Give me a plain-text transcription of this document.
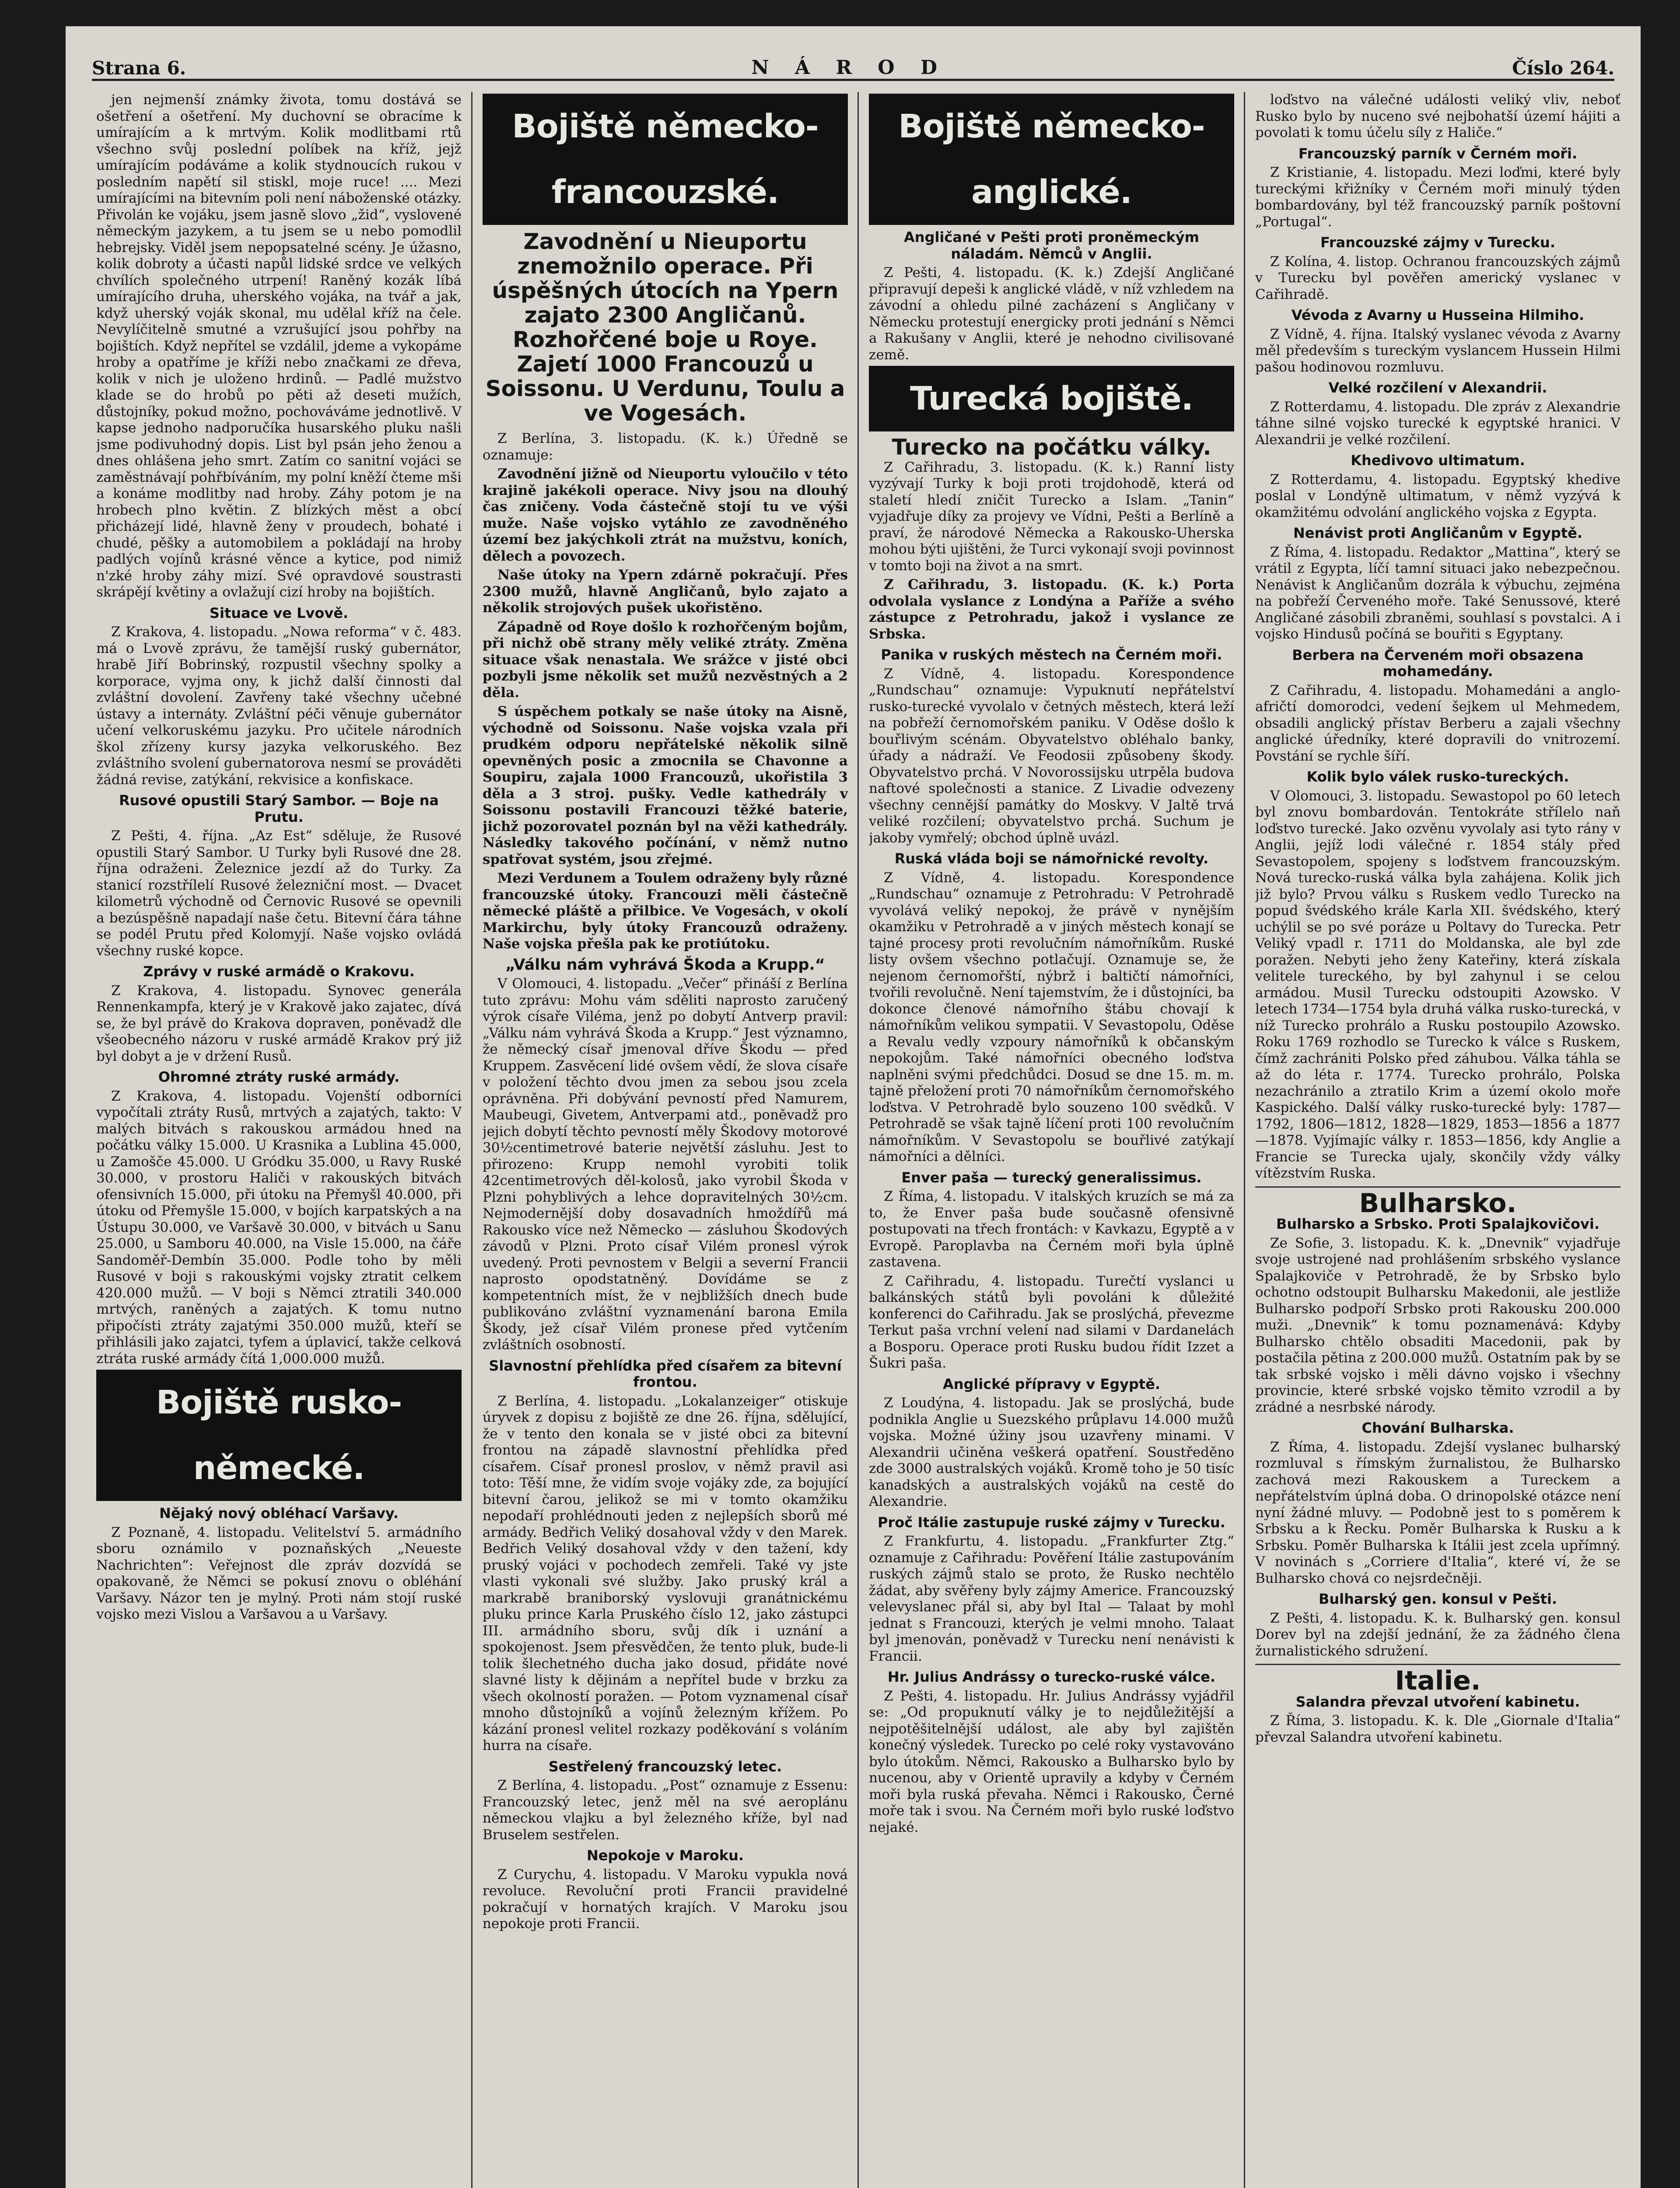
Strana 6.	N Á R O D	Číslo 264.

jen nejmenší známky života, tomu dostává se ošetření a ošetření. My duchovní se obracíme k umírajícím a k mrtvým. Kolik modlitbami rtů všechno svůj poslední políbek na kříž, jejž umírajícím podáváme a kolik stydnoucích rukou v posledním napětí sil stiskl, moje ruce! .... Mezi umírajícími na bitevním poli není náboženské otázky. Přivolán ke vojáku, jsem jasně slovo „žid“, vyslovené německým jazykem, a tu jsem se u nebo pomodlil hebrejsky. Viděl jsem nepopsatelné scény. Je úžasno, kolik dobroty a účasti napůl lidské srdce ve velkých chvílích společného utrpení! Raněný kozák líbá umírajícího druha, uherského vojáka, na tvář a jak, když uherský voják skonal, mu udělal kříž na čele. Nevylíčitelně smutné a vzrušující jsou pohřby na bojištích. Když nepřítel se vzdálil, jdeme a vykopáme hroby a opatříme je kříži nebo značkami ze dřeva, kolik v nich je uloženo hrdinů. — Padlé mužstvo klade se do hrobů po pěti až deseti mužích, důstojníky, pokud možno, pochováváme jednotlivě. V kapse jednoho nadporučíka husarského pluku našli jsme podivuhodný dopis. List byl psán jeho ženou a dnes ohlášena jeho smrt. Zatím co sanitní vojáci se zaměstnávají pohřbíváním, my polní kněží čteme mši a konáme modlitby nad hroby. Záhy potom je na hrobech plno květin. Z blízkých měst a obcí přicházejí lidé, hlavně ženy v proudech, bohaté i chudé, pěšky a automobilem a pokládají na hroby padlých vojínů krásné věnce a kytice, pod nimiž n'zké hroby záhy mizí. Své opravdové soustrasti skrápějí květiny a ovlažují cizí hroby na bojištích.

Situace ve Lvově.

Z Krakova, 4. listopadu. „Nowa reforma“ v č. 483. má o Lvově zprávu, že tamější ruský gubernátor, hrabě Jiří Bobrinský, rozpustil všechny spolky a korporace, vyjma ony, k jichž další činnosti dal zvláštní dovolení. Zavřeny také všechny učebné ústavy a internáty. Zvláštní péči věnuje gubernátor učení velkoruskému jazyku. Pro učitele národních škol zřízeny kursy jazyka velkoruského. Bez zvláštního svolení gubernatorova nesmí se prováděti žádná revise, zatýkání, rekvisice a konfiskace.

Rusové opustili Starý Sambor. — Boje na Prutu.

Z Pešti, 4. října. „Az Est“ sděluje, že Rusové opustili Starý Sambor. U Turky byli Rusové dne 28. října odraženi. Železnice jezdí až do Turky. Za stanicí rozstřílelí Rusové železniční most. — Dvacet kilometrů východně od Černovic Rusové se opevnili a bezúspěšně napadají naše četu. Bitevní čára táhne se podél Prutu před Kolomyjí. Naše vojsko ovládá všechny ruské kopce.

Zprávy v ruské armádě o Krakovu.

Z Krakova, 4. listopadu. Synovec generála Rennenkampfa, který je v Krakově jako zajatec, dívá se, že byl právě do Krakova dopraven, poněvadž dle všeobecného názoru v ruské armádě Krakov prý již byl dobyt a je v držení Rusů.

Ohromné ztráty ruské armády.

Z Krakova, 4. listopadu. Vojenští odborníci vypočítali ztráty Rusů, mrtvých a zajatých, takto: V malých bitvách s rakouskou armádou hned na počátku války 15.000. U Krasnika a Lublina 45.000, u Zamošče 45.000. U Gródku 35.000, u Ravy Ruské 30.000, v prostoru Haliči v rakouských bitvách ofensivních 15.000, při útoku na Přemyšl 40.000, při útoku od Přemyšle 15.000, v bojích karpatských a na Ústupu 30.000, ve Varšavě 30.000, v bitvách u Sanu 25.000, u Samboru 40.000, na Visle 15.000, na čáře Sandoměř-Dembín 35.000. Podle toho by měli Rusové v boji s rakouskými vojsky ztratit celkem 420.000 mužů. — V boji s Němci ztratili 340.000 mrtvých, raněných a zajatých. K tomu nutno připočísti ztráty zajatými 350.000 mužů, kteří se přihlásili jako zajatci, tyfem a úplavicí, takže celková ztráta ruské armády čítá 1,000.000 mužů.

Bojiště rusko-německé.
Nějaký nový obléhací Varšavy.

Z Poznaně, 4. listopadu. Velitelství 5. armádního sboru oznámilo v poznaňských „Neueste Nachrichten“: Veřejnost dle zpráv dozvídá se opakovaně, že Němci se pokusí znovu o obléhání Varšavy. Názor ten je mylný. Proti nám stojí ruské vojsko mezi Vislou a Varšavou a u Varšavy.

Bojiště německo-francouzské.
Zavodnění u Nieuportu znemožnilo operace. Při úspěšných útocích na Ypern zajato 2300 Angličanů. Rozhořčené boje u Roye. Zajetí 1000 Francouzů u Soissonu. U Verdunu, Toulu a ve Vogesách.

Z Berlína, 3. listopadu. (K. k.) Úředně se oznamuje:

Zavodnění jižně od Nieuportu vyloučilo v této krajině jakékoli operace. Nivy jsou na dlouhý čas zničeny. Voda částečně stojí tu ve výši muže. Naše vojsko vytáhlo ze zavodněného území bez jakýchkoli ztrát na mužstvu, koních, dělech a povozech.

Naše útoky na Ypern zdárně pokračují. Přes 2300 mužů, hlavně Angličanů, bylo zajato a několik strojových pušek ukořistěno.

Západně od Roye došlo k rozhořčeným bojům, při nichž obě strany měly veliké ztráty. Změna situace však nenastala. We srážce v jisté obci pozbyli jsme několik set mužů nezvěstných a 2 děla.

S úspěchem potkaly se naše útoky na Aisně, východně od Soissonu. Naše vojska vzala při prudkém odporu nepřátelské několik silně opevněných posic a zmocnila se Chavonne a Soupiru, zajala 1000 Francouzů, ukořistila 3 děla a 3 stroj. pušky. Vedle kathedrály v Soissonu postavili Francouzi těžké baterie, jichž pozorovatel poznán byl na věži kathedrály. Následky takového počínání, v němž nutno spatřovat systém, jsou zřejmé.

Mezi Verdunem a Toulem odraženy byly různé francouzské útoky. Francouzi měli částečně německé pláště a přilbice. Ve Vogesách, v okolí Markirchu, byly útoky Francouzů odraženy. Naše vojska přešla pak ke protiútoku.

„Válku nám vyhrává Škoda a Krupp.“

V Olomouci, 4. listopadu. „Večer“ přináší z Berlína tuto zprávu: Mohu vám sděliti naprosto zaručený výrok císaře Viléma, jenž po dobytí Antverp pravil: „Válku nám vyhrává Škoda a Krupp.“ Jest významno, že německý císař jmenoval dříve Škodu — před Kruppem. Zasvěcení lidé ovšem vědí, že slova císaře v položení těchto dvou jmen za sebou jsou zcela oprávněna. Při dobývání pevností před Namurem, Maubeugi, Givetem, Antverpami atd., poněvadž pro jejich dobytí těchto pevností měly Škodovy motorové 30½centimetrové baterie největší zásluhu. Jest to přirozeno: Krupp nemohl vyrobiti tolik 42centimetrových děl-kolosů, jako vyrobil Škoda v Plzni pohyblivých a lehce dopravitelných 30½cm. Nejmodernější doby dosavadních hmoždířů má Rakousko více než Německo — zásluhou Škodových závodů v Plzni. Proto císař Vilém pronesl výrok uvedený. Proti pevnostem v Belgii a severní Francii naprosto opodstatněný. Dovídáme se z kompetentních míst, že v nejbližších dnech bude publikováno zvláštní vyznamenání barona Emila Škody, jež císař Vilém pronese před vytčením zvláštních osobností.

Slavnostní přehlídka před císařem za bitevní frontou.

Z Berlína, 4. listopadu. „Lokalanzeiger“ otiskuje úryvek z dopisu z bojiště ze dne 26. října, sdělující, že v tento den konala se v jisté obci za bitevní frontou na západě slavnostní přehlídka před císařem. Císař pronesl proslov, v němž pravil asi toto: Těší mne, že vidím svoje vojáky zde, za bojující bitevní čarou, jelikož se mi v tomto okamžiku nepodaří prohlédnouti jeden z nejlepších sborů mé armády. Bedřich Veliký dosahoval vždy v den Marek. Bedřich Veliký dosahoval vždy v den tažení, kdy pruský vojáci v pochodech zemřeli. Také vy jste vlasti vykonali své služby. Jako pruský král a markrabě braniborský vyslovuji granátnickému pluku prince Karla Pruského číslo 12, jako zástupci III. armádního sboru, svůj dík i uznání a spokojenost. Jsem přesvědčen, že tento pluk, bude-li tolik šlechetného ducha jako dosud, přidáte nové slavné listy k dějinám a nepřítel bude v brzku za všech okolností poražen. — Potom vyznamenal císař mnoho důstojníků a vojínů železným křížem. Po kázání pronesl velitel rozkazy poděkování s voláním hurra na císaře.

Sestřelený francouzský letec.

Z Berlína, 4. listopadu. „Post“ oznamuje z Essenu: Francouzský letec, jenž měl na své aeroplánu německou vlajku a byl železného kříže, byl nad Bruselem sestřelen.

Nepokoje v Maroku.

Z Curychu, 4. listopadu. V Maroku vypukla nová revoluce. Revoluční proti Francii pravidelné pokračují v hornatých krajích. V Maroku jsou nepokoje proti Francii.

Bojiště německo-anglické.
Angličané v Pešti proti proněmeckým náladám. Němců v Anglii.

Z Pešti, 4. listopadu. (K. k.) Zdejší Angličané připravují depeši k anglické vládě, v níž vzhledem na závodní a ohledu pilné zacházení s Angličany v Německu protestují energicky proti jednání s Němci a Rakušany v Anglii, které je nehodno civilisované země.

Turecká bojiště.
Turecko na počátku války.

Z Cařihradu, 3. listopadu. (K. k.) Ranní listy vyzývají Turky k boji proti trojdohodě, která od staletí hledí zničit Turecko a Islam. „Tanin“ vyjadřuje díky za projevy ve Vídni, Pešti a Berlíně a praví, že národové Německa a Rakousko-Uherska mohou býti ujištěni, že Turci vykonají svoji povinnost v tomto boji na život a na smrt.

Z Cařihradu, 3. listopadu. (K. k.) Porta odvolala vyslance z Londýna a Paříže a svého zástupce z Petrohradu, jakož i vyslance ze Srbska.

Panika v ruských městech na Černém moři.

Z Vídně, 4. listopadu. Korespondence „Rundschau“ oznamuje: Vypuknutí nepřátelství rusko-turecké vyvolalo v četných městech, která leží na pobřeží černomořském paniku. V Oděse došlo k bouřlivým scénám. Obyvatelstvo obléhalo banky, úřady a nádraží. Ve Feodosii způsobeny škody. Obyvatelstvo prchá. V Novorossijsku utrpěla budova naftové společnosti a stanice. Z Livadie odvezeny všechny cennější památky do Moskvy. V Jaltě trvá veliké rozčilení; obyvatelstvo prchá. Suchum je jakoby vymřelý; obchod úplně uvázl.

Ruská vláda boji se námořnické revolty.

Z Vídně, 4. listopadu. Korespondence „Rundschau“ oznamuje z Petrohradu: V Petrohradě vyvolává veliký nepokoj, že právě v nynějším okamžiku v Petrohradě a v jiných městech konají se tajné procesy proti revolučním námořníkům. Ruské listy ovšem všechno potlačují. Oznamuje se, že nejenom černomořští, nýbrž i baltičtí námořníci, tvořili revolučně. Není tajemstvím, že i důstojníci, ba dokonce členové námořního štábu chovají k námořníkům velikou sympatii. V Sevastopolu, Oděse a Revalu vedly vzpoury námořníků k občanským nepokojům. Také námořníci obecného loďstva naplněni svými předchůdci. Dosud se dne 15. m. m. tajně přeložení proti 70 námořníkům černomořského loďstva. V Petrohradě bylo souzeno 100 svědků. V Petrohradě se však tajně líčení proti 100 revolučním námořníkům. V Sevastopolu se bouřlivé zatýkají námořníci a dělníci.

Enver paša — turecký generalissimus.

Z Říma, 4. listopadu. V italských kruzích se má za to, že Enver paša bude současně ofensivně postupovati na třech frontách: v Kavkazu, Egyptě a v Evropě. Paroplavba na Černém moři byla úplně zastavena.

Z Cařihradu, 4. listopadu. Turečtí vyslanci u balkánských států byli povoláni k důležité konferenci do Cařihradu. Jak se proslýchá, převezme Terkut paša vrchní velení nad silami v Dardanelách a Bosporu. Operace proti Rusku budou řídit Izzet a Šukri paša.

Anglické přípravy v Egyptě.

Z Loudýna, 4. listopadu. Jak se proslýchá, bude podnikla Anglie u Suezského průplavu 14.000 mužů vojska. Možné úžiny jsou uzavřeny minami. V Alexandrii učiněna veškerá opatření. Soustředěno zde 3000 australských vojáků. Kromě toho je 50 tisíc kanadských a australských vojáků na cestě do Alexandrie.

Proč Itálie zastupuje ruské zájmy v Turecku.

Z Frankfurtu, 4. listopadu. „Frankfurter Ztg.“ oznamuje z Cařihradu: Pověření Itálie zastupováním ruských zájmů stalo se proto, že Rusko nechtělo žádat, aby svěřeny byly zájmy Americe. Francouzský velevyslanec přál si, aby byl Ital — Talaat by mohl jednat s Francouzi, kterých je velmi mnoho. Talaat byl jmenován, poněvadž v Turecku není nenávisti k Francii.

Hr. Julius Andrássy o turecko-ruské válce.

Z Pešti, 4. listopadu. Hr. Julius Andrássy vyjádřil se: „Od propuknutí války je to nejdůležitější a nejpotěšitelnější událost, ale aby byl zajištěn konečný výsledek. Turecko po celé roky vystavováno bylo útokům. Němci, Rakousko a Bulharsko bylo by nucenou, aby v Orientě upravily a kdyby v Černém moři byla ruská převaha. Němci i Rakousko, Černé moře tak i svou. Na Černém moři bylo ruské loďstvo nejaké.

loďstvo na válečné události veliký vliv, neboť Rusko bylo by nuceno své nejbohatší území hájiti a povolati k tomu účelu síly z Haliče.“

Francouzský parník v Černém moři.

Z Kristianie, 4. listopadu. Mezi loďmi, které byly tureckými křižníky v Černém moři minulý týden bombardovány, byl též francouzský parník poštovní „Portugal“.

Francouzské zájmy v Turecku.

Z Kolína, 4. listop. Ochranou francouzských zájmů v Turecku byl pověřen americký vyslanec v Cařihradě.

Vévoda z Avarny u Husseina Hilmiho.

Z Vídně, 4. října. Italský vyslanec vévoda z Avarny měl především s tureckým vyslancem Hussein Hilmi pašou hodinovou rozmluvu.

Velké rozčilení v Alexandrii.

Z Rotterdamu, 4. listopadu. Dle zpráv z Alexandrie táhne silné vojsko turecké k egyptské hranici. V Alexandrii je velké rozčilení.

Khedivovo ultimatum.

Z Rotterdamu, 4. listopadu. Egyptský khedive poslal v Londýně ultimatum, v němž vyzývá k okamžitému odvolání anglického vojska z Egypta.

Nenávist proti Angličanům v Egyptě.

Z Říma, 4. listopadu. Redaktor „Mattina“, který se vrátil z Egypta, líčí tamní situaci jako nebezpečnou. Nenávist k Angličanům dozrála k výbuchu, zejména na pobřeží Červeného moře. Také Senussové, které Angličané zásobili zbraněmi, souhlasí s povstalci. A i vojsko Hindusů počíná se bouřiti s Egyptany.

Berbera na Červeném moři obsazena mohamedány.

Z Cařihradu, 4. listopadu. Mohamedáni a anglo-afričtí domorodci, vedení šejkem ul Mehmedem, obsadili anglický přístav Berberu a zajali všechny anglické úředníky, které dopravili do vnitrozemí. Povstání se rychle šíří.

Kolik bylo válek rusko-tureckých.

V Olomouci, 3. listopadu. Sewastopol po 60 letech byl znovu bombardován. Tentokráte střílelo naň loďstvo turecké. Jako ozvěnu vyvolaly asi tyto rány v Anglii, jejíž lodi válečné r. 1854 stály před Sevastopolem, spojeny s loďstvem francouzským. Nová turecko-ruská válka byla zahájena. Kolik jich již bylo? Prvou válku s Ruskem vedlo Turecko na popud švédského krále Karla XII. švédského, který uchýlil se po své poráze u Poltavy do Turecka. Petr Veliký vpadl r. 1711 do Moldanska, ale byl zde poražen. Nebyti jeho ženy Kateřiny, která získala velitele tureckého, by byl zahynul i se celou armádou. Musil Turecku odstoupiti Azowsko. V letech 1734—1754 byla druhá válka rusko-turecká, v níž Turecko prohrálo a Rusku postoupilo Azowsko. Roku 1769 rozhodlo se Turecko k válce s Ruskem, čímž zachrániti Polsko před záhubou. Válka táhla se až do léta r. 1774. Turecko prohrálo, Polska nezachránilo a ztratilo Krim a území okolo moře Kaspického. Další války rusko-turecké byly: 1787—1792, 1806—1812, 1828—1829, 1853—1856 a 1877—1878. Vyjímajíc války r. 1853—1856, kdy Anglie a Francie se Turecka ujaly, skončily vždy války vítězstvím Ruska.

Bulharsko.
Bulharsko a Srbsko. Proti Spalajkovičovi.

Ze Sofie, 3. listopadu. K. k. „Dnevnik“ vyjadřuje svoje ustrojené nad prohlášením srbského vyslance Spalajkoviče v Petrohradě, že by Srbsko bylo ochotno odstoupit Bulharsku Makedonii, ale jestliže Bulharsko podpoří Srbsko proti Rakousku 200.000 muži. „Dnevnik“ k tomu poznamenává: Kdyby Bulharsko chtělo obsaditi Macedonii, pak by postačila pětina z 200.000 mužů. Ostatním pak by se tak srbské vojsko i měli dávno vojsko i všechny provincie, které srbské vojsko těmito vzrodil a by zrádné a nesrbské národy.

Chování Bulharska.

Z Říma, 4. listopadu. Zdejší vyslanec bulharský rozmluval s římským žurnalistou, že Bulharsko zachová mezi Rakouskem a Tureckem a nepřátelstvím úplná doba. O drinopolské otázce není nyní žádné mluvy. — Podobně jest to s poměrem k Srbsku a k Řecku. Poměr Bulharska k Rusku a k Srbsku. Poměr Bulharska k Itálii jest zcela upřímný. V novinách s „Corriere d'Italia“, které ví, že se Bulharsko chová co nejsrdečněji.

Bulharský gen. konsul v Pešti.

Z Pešti, 4. listopadu. K. k. Bulharský gen. konsul Dorev byl na zdejší jednání, že za žádného člena žurnalistického sdružení.

Italie.
Salandra převzal utvoření kabinetu.

Z Říma, 3. listopadu. K. k. Dle „Giornale d'Italia“ převzal Salandra utvoření kabinetu.
